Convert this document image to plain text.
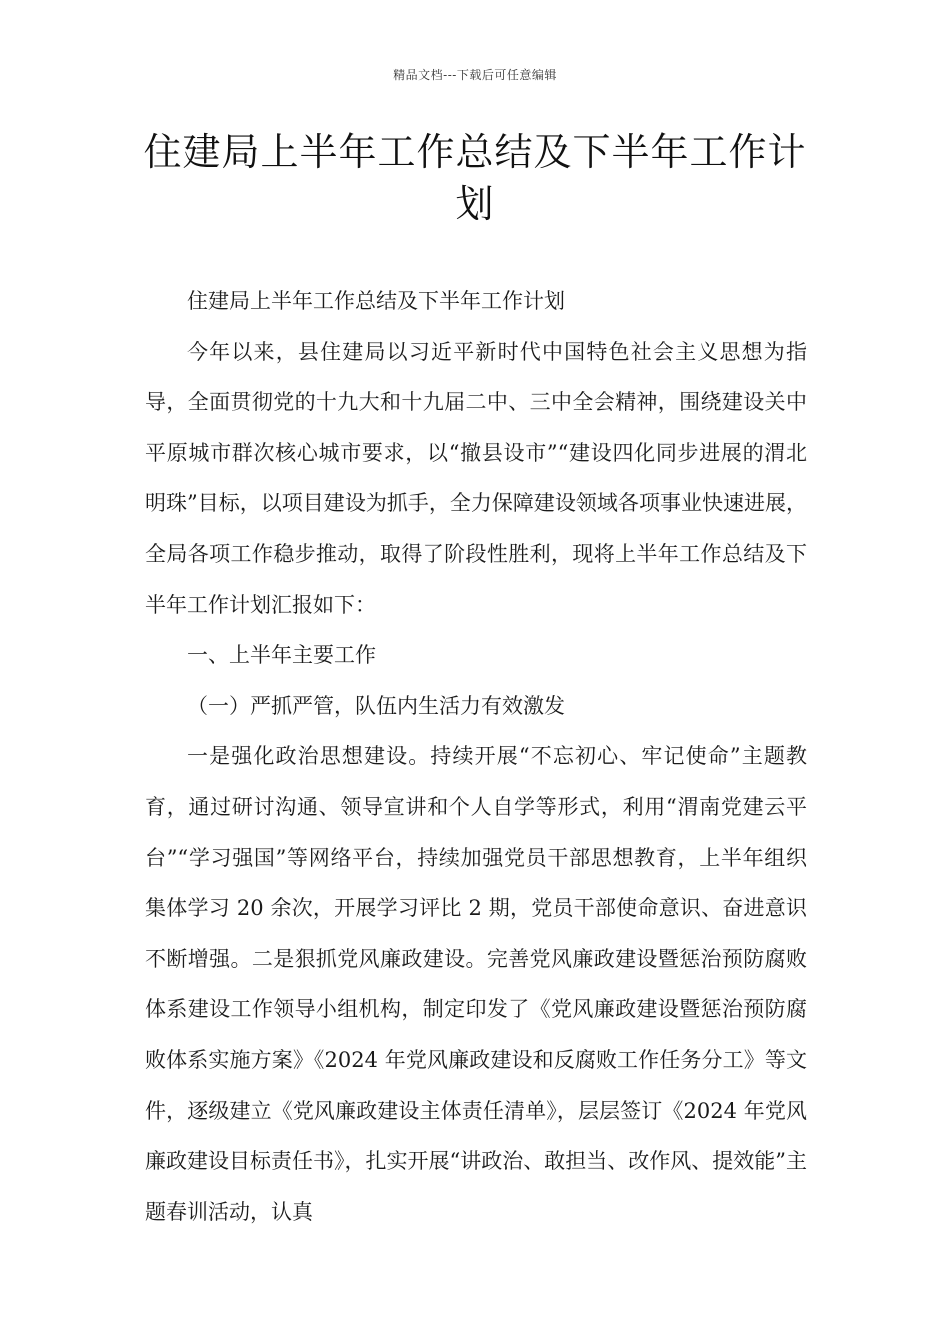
精品文档---下载后可任意编辑
住建局上半年工作总结及下半年工作计划

住建局上半年工作总结及下半年工作计划

今年以来，县住建局以习近平新时代中国特色社会主义思想为指导，全面贯彻党的十九大和十九届二中、三中全会精神，围绕建设关中平原城市群次核心城市要求，以“撤县设市”“建设四化同步进展的渭北明珠”目标，以项目建设为抓手，全力保障建设领域各项事业快速进展，全局各项工作稳步推动，取得了阶段性胜利，现将上半年工作总结及下半年工作计划汇报如下：

一、上半年主要工作

（一）严抓严管，队伍内生活力有效激发

一是强化政治思想建设。持续开展“不忘初心、牢记使命”主题教育，通过研讨沟通、领导宣讲和个人自学等形式，利用“渭南党建云平台”“学习强国”等网络平台，持续加强党员干部思想教育，上半年组织集体学习 20 余次，开展学习评比 2 期，党员干部使命意识、奋进意识不断增强。二是狠抓党风廉政建设。完善党风廉政建设暨惩治预防腐败体系建设工作领导小组机构，制定印发了《党风廉政建设暨惩治预防腐败体系实施方案》《2024 年党风廉政建设和反腐败工作任务分工》等文件，逐级建立《党风廉政建设主体责任清单》，层层签订《2024 年党风廉政建设目标责任书》，扎实开展“讲政治、敢担当、改作风、提效能”主题春训活动，认真
